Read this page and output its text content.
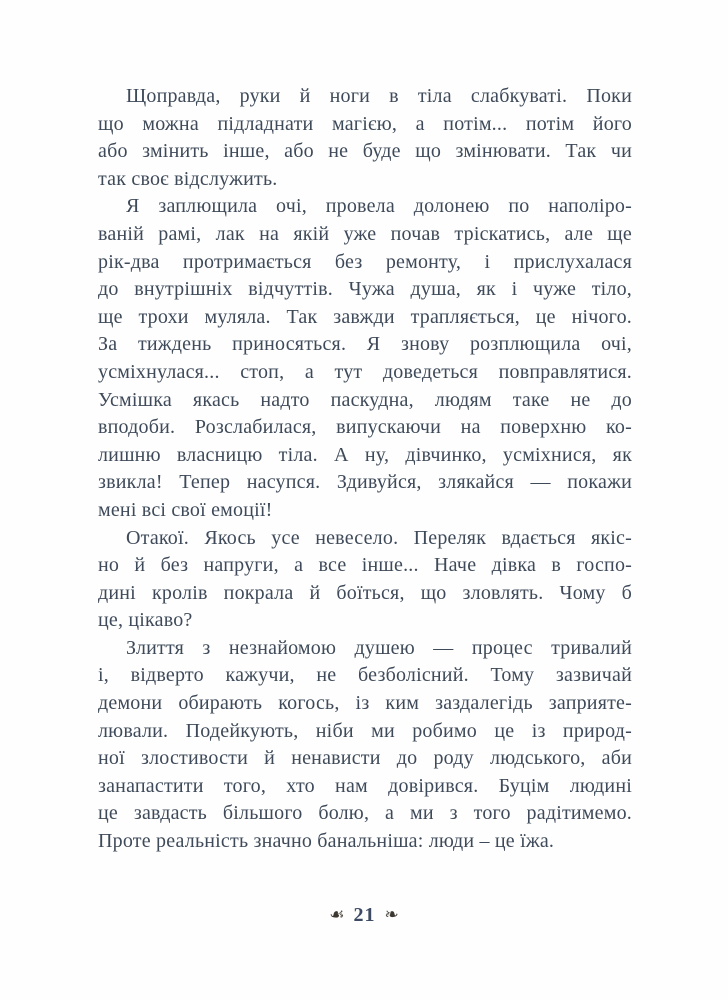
Щоправда, руки й ноги в тіла слабкуваті. Поки
що можна підладнати магією, а потім... потім його
або змінить інше, або не буде що змінювати. Так чи
так своє відслужить.
Я заплющила очі, провела долонею по наполіро-
ваній рамі, лак на якій уже почав тріскатись, але ще
рік-два протримається без ремонту, і прислухалася
до внутрішніх відчуттів. Чужа душа, як і чуже тіло,
ще трохи муляла. Так завжди трапляється, це нічого.
За тиждень приносяться. Я знову розплющила очі,
усміхнулася... стоп, а тут доведеться повправлятися.
Усмішка якась надто паскудна, людям таке не до
вподоби. Розслабилася, випускаючи на поверхню ко-
лишню власницю тіла. А ну, дівчинко, усміхнися, як
звикла! Тепер насупся. Здивуйся, злякайся — покажи
мені всі свої емоції!
Отакої. Якось усе невесело. Переляк вдається якіс-
но й без напруги, а все інше... Наче дівка в госпо-
дині кролів покрала й боїться, що зловлять. Чому б
це, цікаво?
Злиття з незнайомою душею — процес тривалий
і, відверто кажучи, не безболісний. Тому зазвичай
демони обирають когось, із ким заздалегідь заприяте-
лювали. Подейкують, ніби ми робимо це із природ-
ної злостивости й ненависти до роду людського, аби
занапастити того, хто нам довірився. Буцім людині
це завдасть більшого болю, а ми з того радітимемо.
Проте реальність значно банальніша: люди – це їжа.
☙ 21 ❧
